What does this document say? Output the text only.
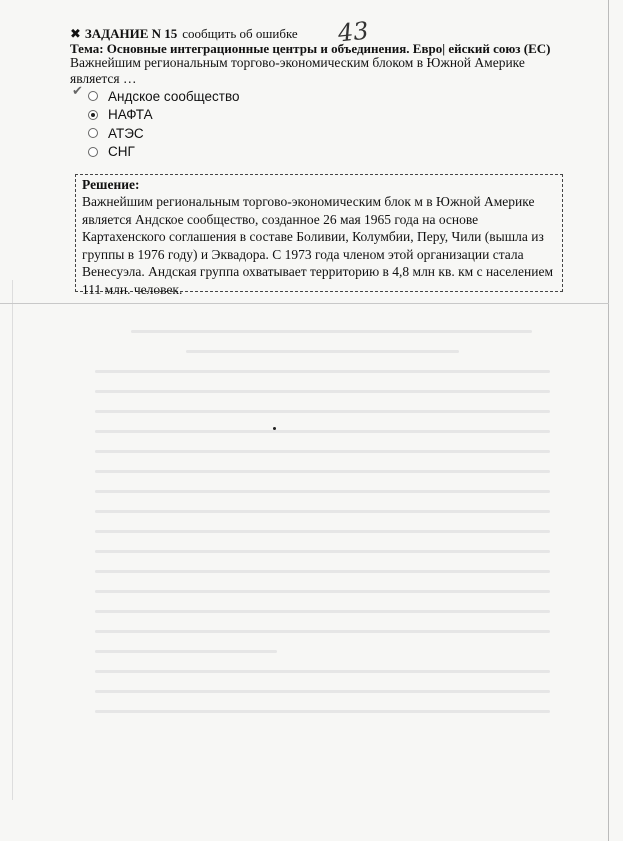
✖ ЗАДАНИЕ N 15 сообщить об ошибке 43
Тема: Основные интеграционные центры и объединения. Евро| ейский союз (ЕС)
Важнейшим региональным торгово-экономическим блоком в Южной Америке является …
✔ Андское сообщество
НАФТА
АТЭС
СНГ
Решение:
Важнейшим региональным торгово-экономическим блок м в Южной Америке является Андское сообщество, созданное 26 мая 1965 года на основе Картахенского соглашения в составе Боливии, Колумбии, Перу, Чили (вышла из группы в 1976 году) и Эквадора. С 1973 года членом этой организации стала Венесуэла. Андская группа охватывает территорию в 4,8 млн кв. км с населением 111 млн. человек.
